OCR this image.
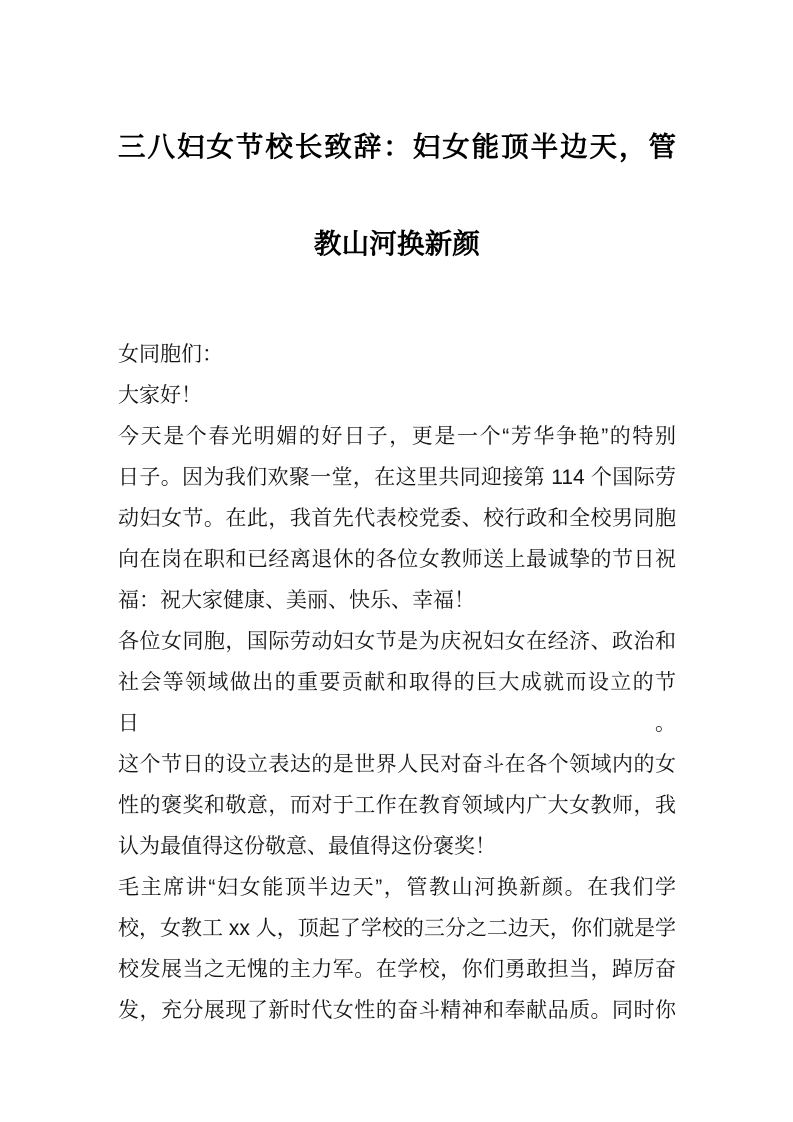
三八妇女节校长致辞：妇女能顶半边天，管
教山河换新颜

女同胞们：

大家好！

今天是个春光明媚的好日子，更是一个“芳华争艳”的特别

日子。因为我们欢聚一堂，在这里共同迎接第 114 个国际劳

动妇女节。在此，我首先代表校党委、校行政和全校男同胞

向在岗在职和已经离退休的各位女教师送上最诚挚的节日祝

福：祝大家健康、美丽、快乐、幸福！

各位女同胞，国际劳动妇女节是为庆祝妇女在经济、政治和

社会等领域做出的重要贡献和取得的巨大成就而设立的节日。

这个节日的设立表达的是世界人民对奋斗在各个领域内的女

性的褒奖和敬意，而对于工作在教育领域内广大女教师，我

认为最值得这份敬意、最值得这份褒奖！

毛主席讲“妇女能顶半边天”，管教山河换新颜。在我们学

校，女教工 xx 人，顶起了学校的三分之二边天，你们就是学

校发展当之无愧的主力军。在学校，你们勇敢担当，踔厉奋

发，充分展现了新时代女性的奋斗精神和奉献品质。同时你
